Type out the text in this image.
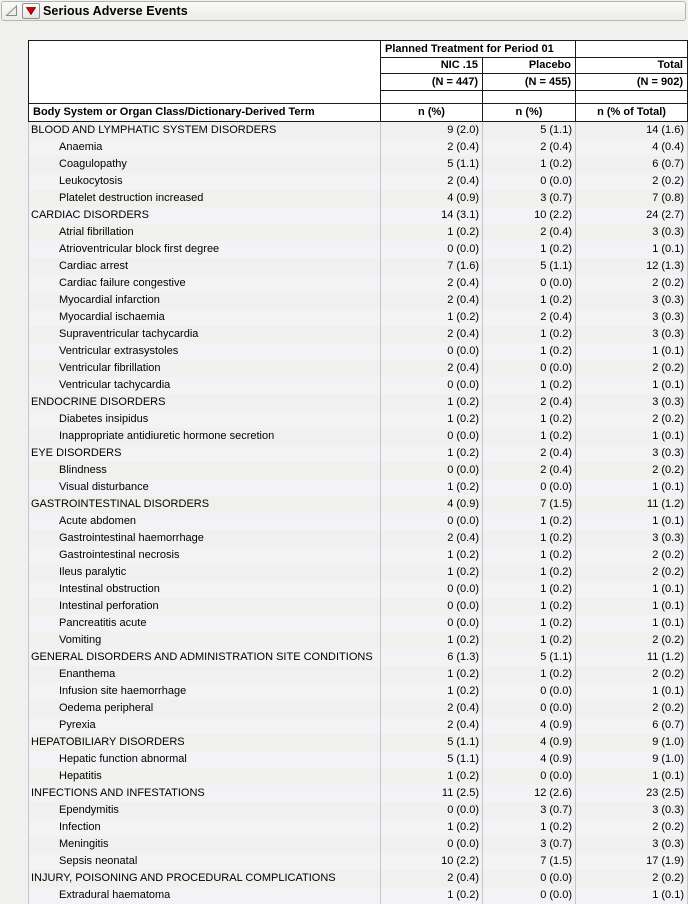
Serious Adverse Events
	Planned Treatment for Period 01		
	NIC .15	Placebo	Total
	(N = 447)	(N = 455)	(N = 902)

Body System or Organ Class/Dictionary-Derived Term	n (%)	n (%)	n (% of Total)
BLOOD AND LYMPHATIC SYSTEM DISORDERS	9 (2.0)	5 (1.1)	14 (1.6)
Anaemia	2 (0.4)	2 (0.4)	4 (0.4)
Coagulopathy	5 (1.1)	1 (0.2)	6 (0.7)
Leukocytosis	2 (0.4)	0 (0.0)	2 (0.2)
Platelet destruction increased	4 (0.9)	3 (0.7)	7 (0.8)
CARDIAC DISORDERS	14 (3.1)	10 (2.2)	24 (2.7)
Atrial fibrillation	1 (0.2)	2 (0.4)	3 (0.3)
Atrioventricular block first degree	0 (0.0)	1 (0.2)	1 (0.1)
Cardiac arrest	7 (1.6)	5 (1.1)	12 (1.3)
Cardiac failure congestive	2 (0.4)	0 (0.0)	2 (0.2)
Myocardial infarction	2 (0.4)	1 (0.2)	3 (0.3)
Myocardial ischaemia	1 (0.2)	2 (0.4)	3 (0.3)
Supraventricular tachycardia	2 (0.4)	1 (0.2)	3 (0.3)
Ventricular extrasystoles	0 (0.0)	1 (0.2)	1 (0.1)
Ventricular fibrillation	2 (0.4)	0 (0.0)	2 (0.2)
Ventricular tachycardia	0 (0.0)	1 (0.2)	1 (0.1)
ENDOCRINE DISORDERS	1 (0.2)	2 (0.4)	3 (0.3)
Diabetes insipidus	1 (0.2)	1 (0.2)	2 (0.2)
Inappropriate antidiuretic hormone secretion	0 (0.0)	1 (0.2)	1 (0.1)
EYE DISORDERS	1 (0.2)	2 (0.4)	3 (0.3)
Blindness	0 (0.0)	2 (0.4)	2 (0.2)
Visual disturbance	1 (0.2)	0 (0.0)	1 (0.1)
GASTROINTESTINAL DISORDERS	4 (0.9)	7 (1.5)	11 (1.2)
Acute abdomen	0 (0.0)	1 (0.2)	1 (0.1)
Gastrointestinal haemorrhage	2 (0.4)	1 (0.2)	3 (0.3)
Gastrointestinal necrosis	1 (0.2)	1 (0.2)	2 (0.2)
Ileus paralytic	1 (0.2)	1 (0.2)	2 (0.2)
Intestinal obstruction	0 (0.0)	1 (0.2)	1 (0.1)
Intestinal perforation	0 (0.0)	1 (0.2)	1 (0.1)
Pancreatitis acute	0 (0.0)	1 (0.2)	1 (0.1)
Vomiting	1 (0.2)	1 (0.2)	2 (0.2)
GENERAL DISORDERS AND ADMINISTRATION SITE CONDITIONS	6 (1.3)	5 (1.1)	11 (1.2)
Enanthema	1 (0.2)	1 (0.2)	2 (0.2)
Infusion site haemorrhage	1 (0.2)	0 (0.0)	1 (0.1)
Oedema peripheral	2 (0.4)	0 (0.0)	2 (0.2)
Pyrexia	2 (0.4)	4 (0.9)	6 (0.7)
HEPATOBILIARY DISORDERS	5 (1.1)	4 (0.9)	9 (1.0)
Hepatic function abnormal	5 (1.1)	4 (0.9)	9 (1.0)
Hepatitis	1 (0.2)	0 (0.0)	1 (0.1)
INFECTIONS AND INFESTATIONS	11 (2.5)	12 (2.6)	23 (2.5)
Ependymitis	0 (0.0)	3 (0.7)	3 (0.3)
Infection	1 (0.2)	1 (0.2)	2 (0.2)
Meningitis	0 (0.0)	3 (0.7)	3 (0.3)
Sepsis neonatal	10 (2.2)	7 (1.5)	17 (1.9)
INJURY, POISONING AND PROCEDURAL COMPLICATIONS	2 (0.4)	0 (0.0)	2 (0.2)
Extradural haematoma	1 (0.2)	0 (0.0)	1 (0.1)
